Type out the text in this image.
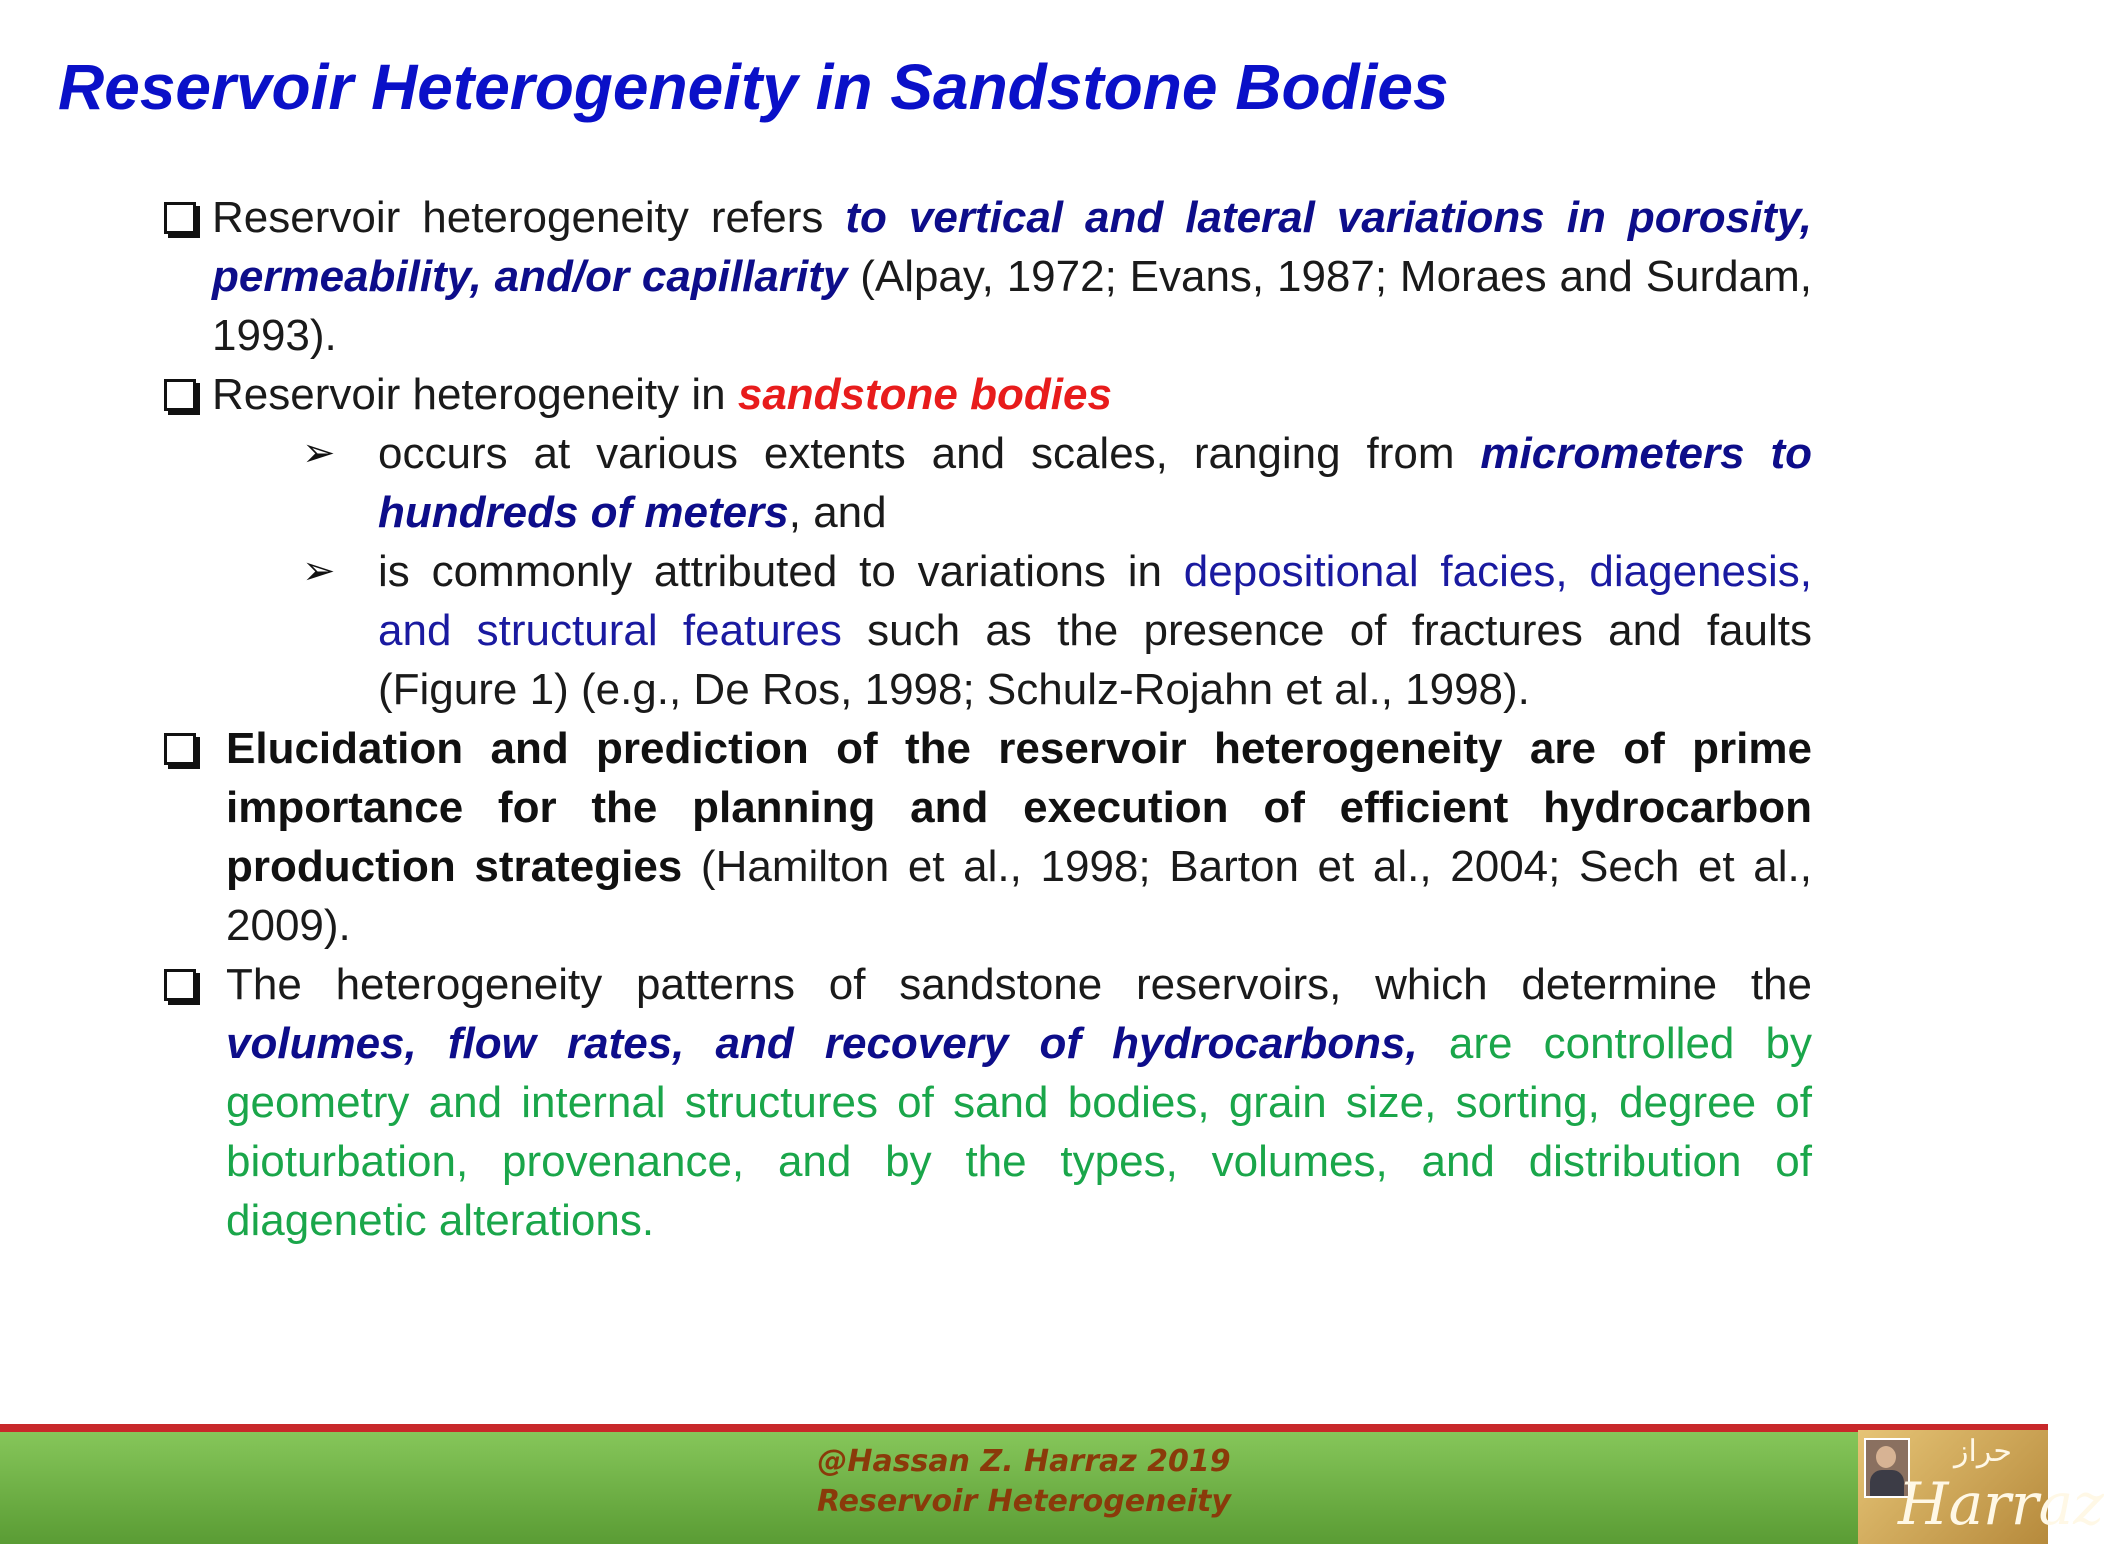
Reservoir Heterogeneity in Sandstone Bodies
Reservoir heterogeneity refers to vertical and lateral variations in porosity, permeability, and/or capillarity (Alpay, 1972; Evans, 1987; Moraes and Surdam, 1993).
Reservoir heterogeneity in sandstone bodies
➢ occurs at various extents and scales, ranging from micrometers to hundreds of meters, and
➢ is commonly attributed to variations in depositional facies, diagenesis, and structural features such as the presence of fractures and faults (Figure 1) (e.g., De Ros, 1998; Schulz-Rojahn et al., 1998).
Elucidation and prediction of the reservoir heterogeneity are of prime importance for the planning and execution of efficient hydrocarbon production strategies (Hamilton et al., 1998; Barton et al., 2004; Sech et al., 2009).
The heterogeneity patterns of sandstone reservoirs, which determine the volumes, flow rates, and recovery of hydrocarbons, are controlled by geometry and internal structures of sand bodies, grain size, sorting, degree of bioturbation, provenance, and by the types, volumes, and distribution of diagenetic alterations.
@Hassan Z. Harraz 2019
Reservoir Heterogeneity
حراز
Harraz
